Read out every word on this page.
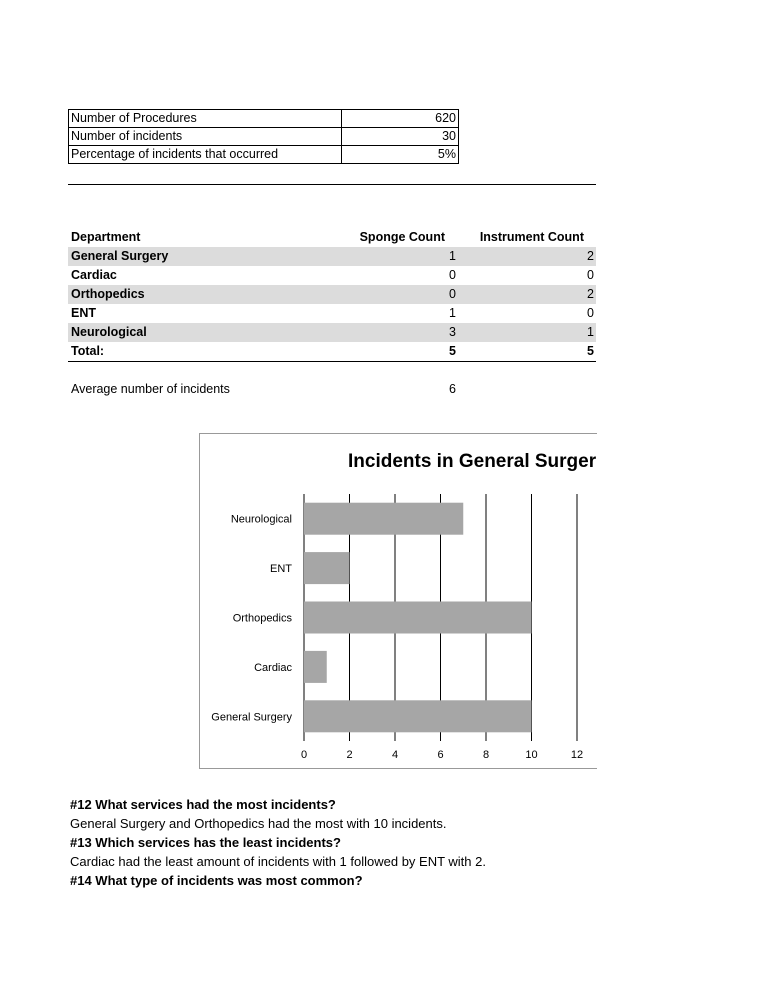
Number of Procedures	620
Number of incidents	30
Percentage of incidents that occurred	5%
Department	Sponge Count	Instrument Count
General Surgery	1	2
Cardiac	0	0
Orthopedics	0	2
ENT	1	0
Neurological	3	1
Total:	5	5
Average number of incidents	6
Incidents in General Surger
0	2	4	6	8	10	12
General Surgery
Cardiac
Orthopedics
ENT
Neurological
#12 What services had the most incidents?
General Surgery and Orthopedics had the most with 10 incidents.
#13 Which services has the least incidents?
Cardiac had the least amount of incidents with 1 followed by ENT with 2.
#14 What type of incidents was most common?
